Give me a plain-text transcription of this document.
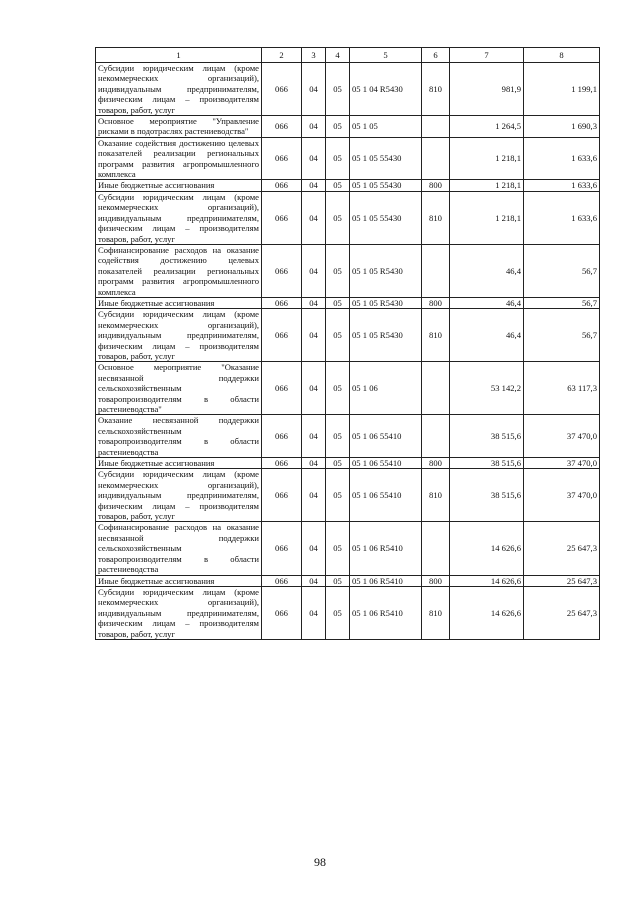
1	2	3	4	5	6	7	8
Субсидии юридическим лицам (кроме некоммерческих организаций), индивидуальным предпринимателям, физическим лицам – производителям товаров, работ, услуг	066	04	05	05 1 04 R5430	810	981,9	1 199,1
Основное мероприятие "Управление рисками в подотраслях растениеводства"	066	04	05	05 1 05		1 264,5	1 690,3
Оказание содействия достижению целевых показателей реализации региональных программ развития агропромышленного комплекса	066	04	05	05 1 05 55430		1 218,1	1 633,6
Иные бюджетные ассигнования	066	04	05	05 1 05 55430	800	1 218,1	1 633,6
Субсидии юридическим лицам (кроме некоммерческих организаций), индивидуальным предпринимателям, физическим лицам – производителям товаров, работ, услуг	066	04	05	05 1 05 55430	810	1 218,1	1 633,6
Софинансирование расходов на оказание содействия достижению целевых показателей реализации региональных программ развития агропромышленного комплекса	066	04	05	05 1 05 R5430		46,4	56,7
Иные бюджетные ассигнования	066	04	05	05 1 05 R5430	800	46,4	56,7
Субсидии юридическим лицам (кроме некоммерческих организаций), индивидуальным предпринимателям, физическим лицам – производителям товаров, работ, услуг	066	04	05	05 1 05 R5430	810	46,4	56,7
Основное мероприятие "Оказание несвязанной поддержки сельскохозяйственным товаропроизводителям в области растениеводства"	066	04	05	05 1 06		53 142,2	63 117,3
Оказание несвязанной поддержки сельскохозяйственным товаропроизводителям в области растениеводства	066	04	05	05 1 06 55410		38 515,6	37 470,0
Иные бюджетные ассигнования	066	04	05	05 1 06 55410	800	38 515,6	37 470,0
Субсидии юридическим лицам (кроме некоммерческих организаций), индивидуальным предпринимателям, физическим лицам – производителям товаров, работ, услуг	066	04	05	05 1 06 55410	810	38 515,6	37 470,0
Софинансирование расходов на оказание несвязанной поддержки сельскохозяйственным товаропроизводителям в области растениеводства	066	04	05	05 1 06 R5410		14 626,6	25 647,3
Иные бюджетные ассигнования	066	04	05	05 1 06 R5410	800	14 626,6	25 647,3
Субсидии юридическим лицам (кроме некоммерческих организаций), индивидуальным предпринимателям, физическим лицам – производителям товаров, работ, услуг	066	04	05	05 1 06 R5410	810	14 626,6	25 647,3
98
